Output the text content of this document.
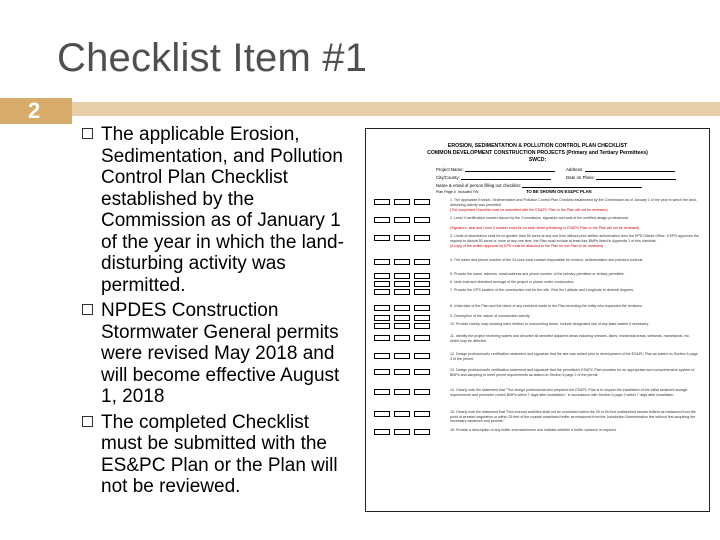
Checklist Item #1
2
The applicable Erosion, Sedimentation, and Pollution Control Plan Checklist established by the Commission as of January 1 of the year in which the land-disturbing activity was permitted.
NPDES Construction Stormwater General permits were revised May 2018 and will become effective August 1, 2018
The completed Checklist must be submitted with the ES&PC Plan or the Plan will not be reviewed.
EROSION, SEDIMENTATION & POLLUTION CONTROL PLAN CHECKLIST
COMMON DEVELOPMENT CONSTRUCTION PROJECTS (Primary and Tertiary Permittees)
SWCD:
Project Name:	Address:
City/County:	Date on Plans:
Name & email of person filling out checklist:
Plan Page # Included Y/N	TO BE SHOWN ON ES&PC PLAN
1. The applicable Erosion, Sedimentation and Pollution Control Plan Checklist established by the Commission as of January 1 of the year in which the land-disturbing activity was permitted.
(The completed Checklist must be submitted with the ES&PC Plan or the Plan will not be reviewed)
2. Level II certification number issued by the Commission, signature and seal of the certified design professional.
(Signature, seal and Level II number must be on each sheet pertaining to ES&PC Plan or the Plan will not be reviewed)
3. Limits of disturbance shall be no greater than 50 acres at any one time without prior written authorization from the EPD District Office. If EPD approves the request to disturb 50 acres or more at any one time, the Plan must include at least four BMPs listed in Appendix 1 of this checklist.
(A copy of the written approval by EPD must be attached to the Plan for the Plan to be reviewed)
4. The name and phone number of the 24-hour local contact responsible for erosion, sedimentation and pollution controls.
5. Provide the name, address, email address and phone number of the primary permittee or tertiary permittee.
6. Note total and disturbed acreage of the project or phase under construction.
7. Provide the GPS location of the construction exit for the site. Give the Latitude and Longitude in decimal degrees.
8. Initial date of the Plan and the dates of any revisions made to the Plan including the entity who requested the revisions.
9. Description of the nature of construction activity.
10. Provide vicinity map showing site's relation to surrounding areas. Include designated use of any state waters if necessary.
11. Identify the project receiving waters and describe all sensitive adjacent areas including streams, lakes, residential areas, wetlands, marshlands, etc. which may be affected.
12. Design professional's certification statement and signature that the site was visited prior to development of the ES&PC Plan as stated on Section 5 page 3 of the permit.
13. Design professional's certification statement and signature that the permittee's ES&PC Plan provides for an appropriate and comprehensive system of BMPs and sampling to meet permit requirements as stated on Section 5 page 2 of the permit.
14. Clearly note the statement that "The design professional who prepared the ES&PC Plan is to inspect the installation of the initial sediment storage requirements and perimeter control BMPs within 7 days after installation." in accordance with Section 5 page 2 within 7 days after installation.
15. Clearly note the statement that "Non-exempt activities shall not be conducted within the 25 or 50-foot undisturbed stream buffers as measured from the point of wrested vegetation or within 25 feet of the coastal marshland buffer as measured from the Jurisdiction Determination line without first acquiring the necessary variances and permits."
16. Provide a description of any buffer encroachments and indicate whether a buffer variance is required.
